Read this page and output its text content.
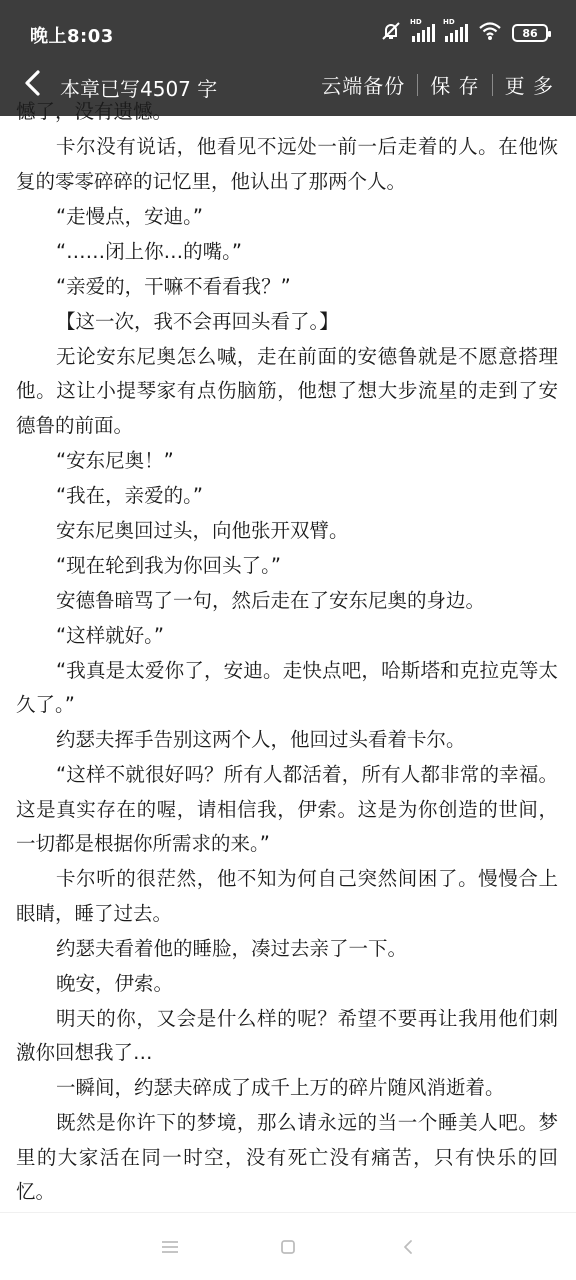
晚上8:03
HD	HD
86
本章已写4507 字	云端备份	保 存	更 多

憾了，没有遗憾。

卡尔没有说话，他看见不远处一前一后走着的人。在他恢复的零零碎碎的记忆里，他认出了那两个人。

“走慢点，安迪。”

“……闭上你…的嘴。”

“亲爱的，干嘛不看看我？”

【这一次，我不会再回头看了。】

无论安东尼奥怎么喊，走在前面的安德鲁就是不愿意搭理他。这让小提琴家有点伤脑筋，他想了想大步流星的走到了安德鲁的前面。

“安东尼奥！”

“我在，亲爱的。”

安东尼奥回过头，向他张开双臂。

“现在轮到我为你回头了。”

安德鲁暗骂了一句，然后走在了安东尼奥的身边。

“这样就好。”

“我真是太爱你了，安迪。走快点吧，哈斯塔和克拉克等太久了。”

约瑟夫挥手告别这两个人，他回过头看着卡尔。

“这样不就很好吗？所有人都活着，所有人都非常的幸福。这是真实存在的喔，请相信我，伊索。这是为你创造的世间，一切都是根据你所需求的来。”

卡尔听的很茫然，他不知为何自己突然间困了。慢慢合上眼睛，睡了过去。

约瑟夫看着他的睡脸，凑过去亲了一下。

晚安，伊索。

明天的你，又会是什么样的呢？希望不要再让我用他们刺激你回想我了…

一瞬间，约瑟夫碎成了成千上万的碎片随风消逝着。

既然是你许下的梦境，那么请永远的当一个睡美人吧。梦里的大家活在同一时空，没有死亡没有痛苦，只有快乐的回忆。
